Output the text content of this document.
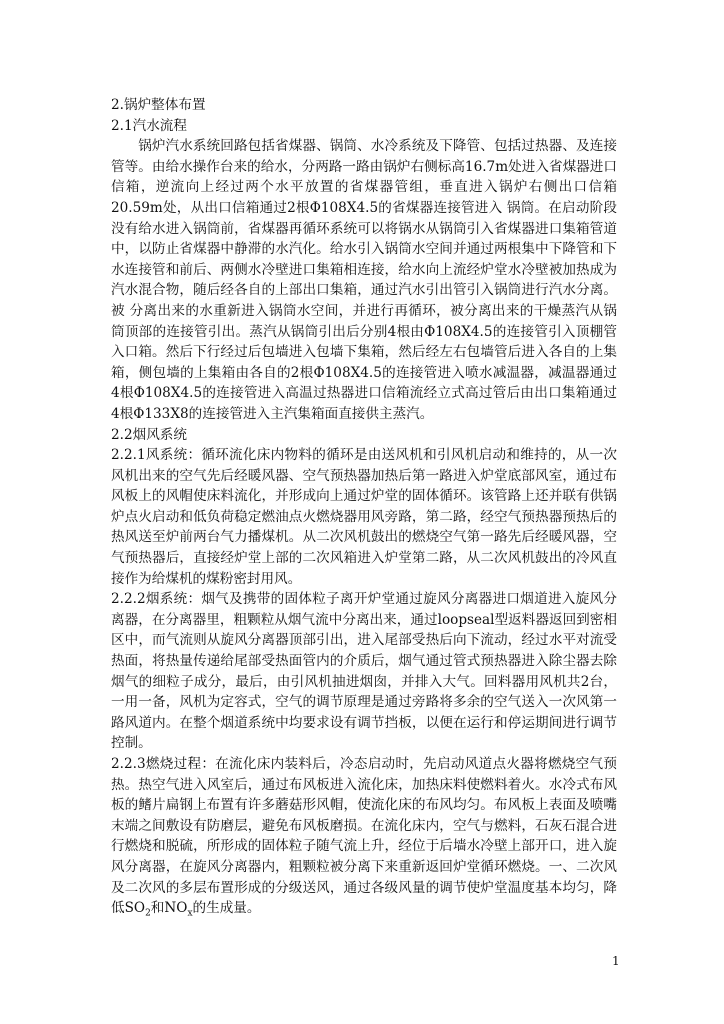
2.锅炉整体布置

2.1汽水流程

锅炉汽水系统回路包括省煤器、锅筒、水冷系统及下降管、包括过热器、及连接管等。由给水操作台来的给水，分两路一路由锅炉右侧标高16.7m处进入省煤器进口信箱，逆流向上经过两个水平放置的省煤器管组，垂直进入锅炉右侧出口信箱20.59m处，从出口信箱通过2根Φ108X4.5的省煤器连接管进入 锅筒。在启动阶段没有给水进入锅筒前，省煤器再循环系统可以将锅水从锅筒引入省煤器进口集箱管道中，以防止省煤器中静滞的水汽化。给水引入锅筒水空间并通过两根集中下降管和下水连接管和前后、两侧水冷壁进口集箱相连接，给水向上流经炉堂水冷壁被加热成为汽水混合物，随后经各自的上部出口集箱，通过汽水引出管引入锅筒进行汽水分离。被 分离出来的水重新进入锅筒水空间，并进行再循环，被分离出来的干燥蒸汽从锅筒顶部的连接管引出。蒸汽从锅筒引出后分别4根由Φ108X4.5的连接管引入顶棚管入口箱。然后下行经过后包墙进入包墙下集箱，然后经左右包墙管后进入各自的上集箱，侧包墙的上集箱由各自的2根Φ108X4.5的连接管进入喷水减温器，减温器通过4根Φ108X4.5的连接管进入高温过热器进口信箱流经立式高过管后由出口集箱通过4根Φ133X8的连接管进入主汽集箱面直接供主蒸汽。

2.2烟风系统

2.2.1风系统：循环流化床内物料的循环是由送风机和引风机启动和维持的，从一次风机出来的空气先后经暖风器、空气预热器加热后第一路进入炉堂底部风室，通过布风板上的风帽使床料流化，并形成向上通过炉堂的固体循环。该管路上还并联有供锅炉点火启动和低负荷稳定燃油点火燃烧器用风旁路，第二路，经空气预热器预热后的热风送至炉前两台气力播煤机。从二次风机鼓出的燃烧空气第一路先后经暖风器，空气预热器后，直接经炉堂上部的二次风箱进入炉堂第二路，从二次风机鼓出的冷风直接作为给煤机的煤粉密封用风。

2.2.2烟系统：烟气及携带的固体粒子离开炉堂通过旋风分离器进口烟道进入旋风分离器，在分离器里，粗颗粒从烟气流中分离出来，通过loopseal型返料器返回到密相区中，而气流则从旋风分离器顶部引出，进入尾部受热后向下流动，经过水平对流受热面，将热量传递给尾部受热面管内的介质后，烟气通过管式预热器进入除尘器去除烟气的细粒子成分，最后，由引风机抽进烟囱，并排入大气。回料器用风机共2台，一用一备，风机为定容式，空气的调节原理是通过旁路将多余的空气送入一次风第一路风道内。在整个烟道系统中均要求设有调节挡板，以便在运行和停运期间进行调节控制。

2.2.3燃烧过程：在流化床内装料后，冷态启动时，先启动风道点火器将燃烧空气预热。热空气进入风室后，通过布风板进入流化床，加热床料使燃料着火。水冷式布风板的鳍片扁钢上布置有许多蘑菇形风帽，使流化床的布风均匀。布风板上表面及喷嘴末端之间敷设有防磨层，避免布风板磨损。在流化床内，空气与燃料，石灰石混合进行燃烧和脱硫，所形成的固体粒子随气流上升，经位于后墙水冷壁上部开口，进入旋风分离器，在旋风分离器内，粗颗粒被分离下来重新返回炉堂循环燃烧。一、二次风及二次风的多层布置形成的分级送风，通过各级风量的调节使炉堂温度基本均匀，降低$SO_2$和$NO_x$的生成量。

1
